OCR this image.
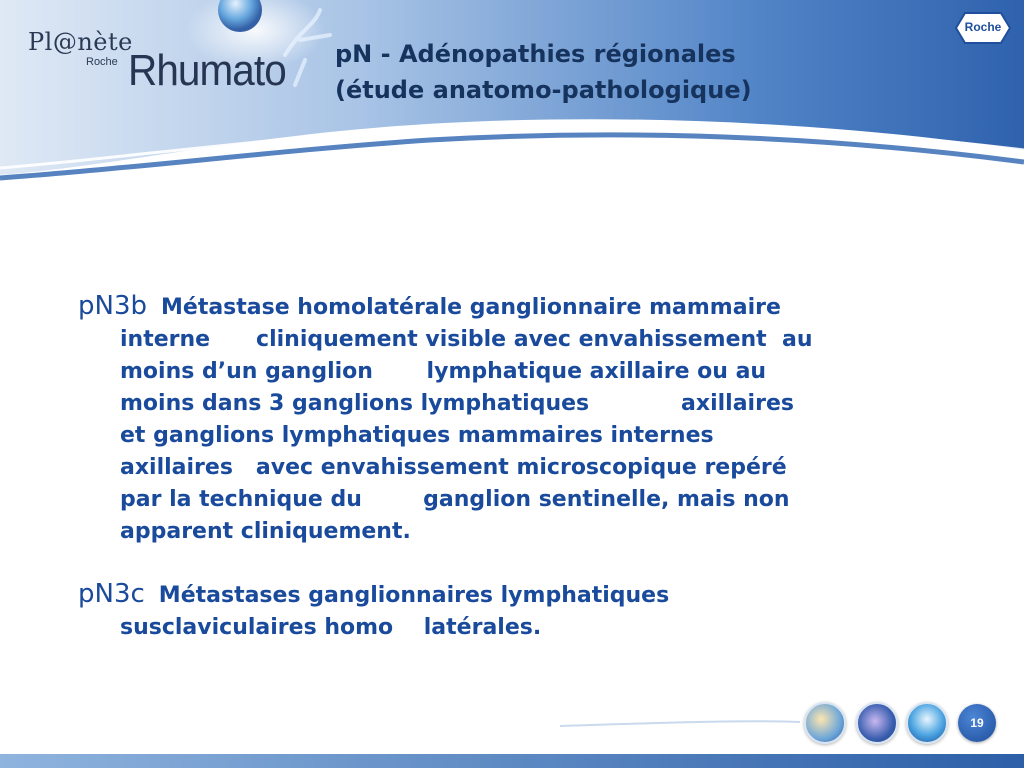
Pl@nète
Roche Rhumato
Roche
pN - Adénopathies régionales
(étude anatomo-pathologique)
pN3b Métastase homolatérale ganglionnaire mammaire
interne      cliniquement visible avec envahissement  au
moins d’un ganglion       lymphatique axillaire ou au
moins dans 3 ganglions lymphatiques            axillaires
et ganglions lymphatiques mammaires internes
axillaires   avec envahissement microscopique repéré
par la technique du        ganglion sentinelle, mais non
apparent cliniquement.
pN3c Métastases ganglionnaires lymphatiques
susclaviculaires homo    latérales.
19
